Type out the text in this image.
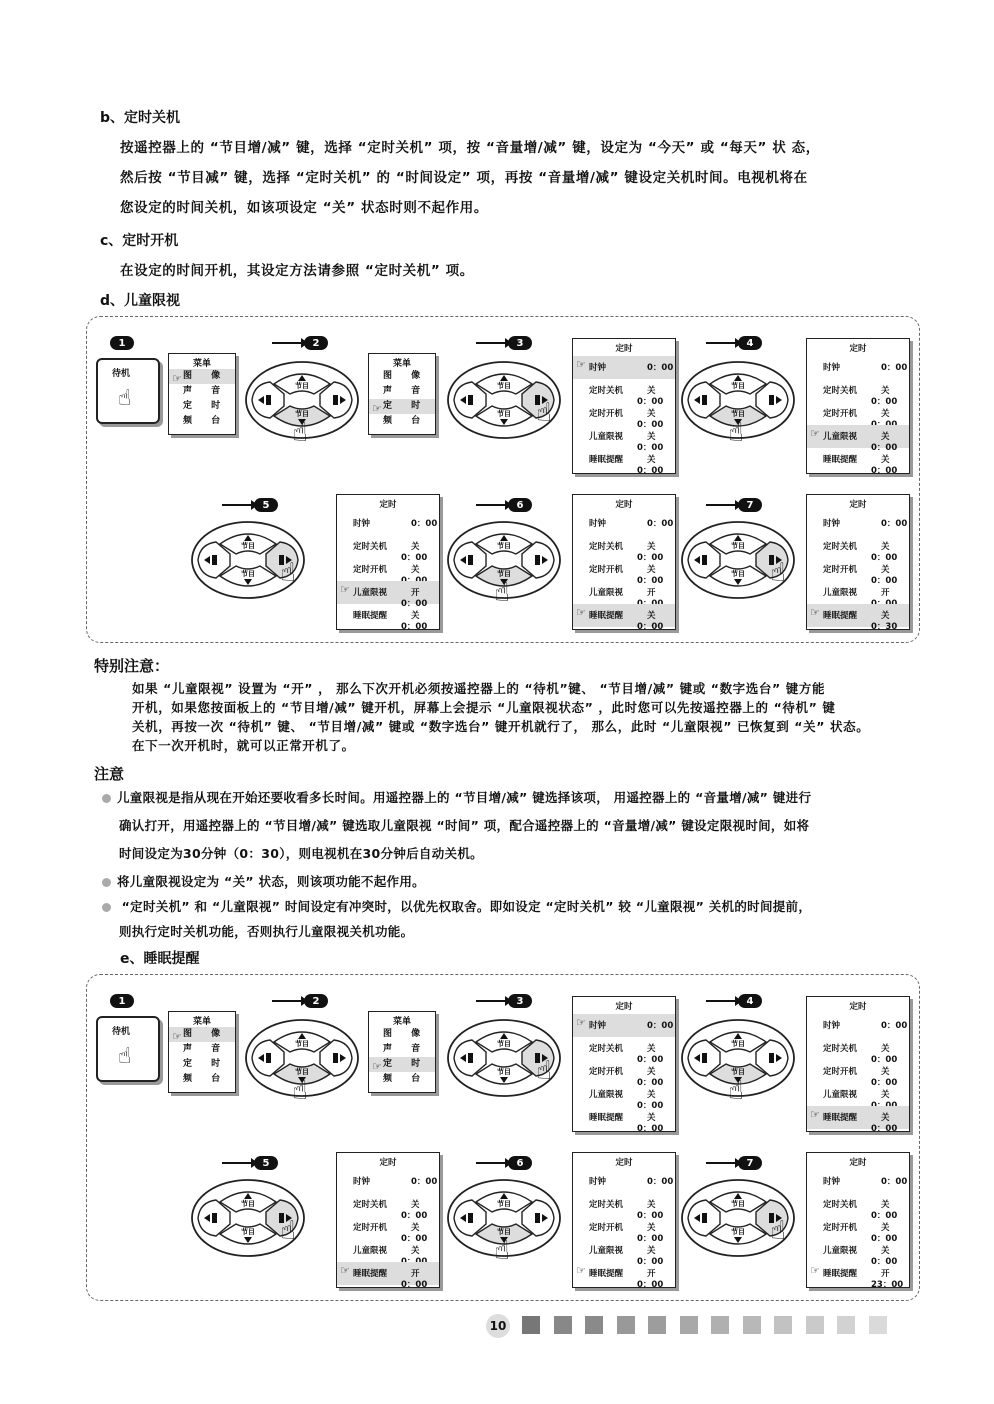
b、定时关机
按遥控器上的 “节目增/减” 键，选择 “定时关机” 项，按 “音量增/减” 键，设定为 “今天” 或 “每天” 状 态，
然后按 “节目减” 键，选择 “定时关机” 的 “时间设定” 项，再按 “音量增/减” 键设定关机时间。电视机将在
您设定的时间关机，如该项设定 “关” 状态时则不起作用。
c、定时开机
在设定的时间开机，其设定方法请参照 “定时关机” 项。
d、儿童限视
特别注意：
如果 “儿童限视” 设置为 “开” ， 那么下次开机必须按遥控器上的 “待机”键、 “节目增/减” 键或 “数字选台” 键方能
开机，如果您按面板上的 “节目增/减” 键开机，屏幕上会提示 “儿童限视状态” ，此时您可以先按遥控器上的 “待机” 键
关机，再按一次 “待机” 键、 “节目增/减” 键或 “数字选台” 键开机就行了， 那么，此时 “儿童限视” 已恢复到 “关” 状态。
在下一次开机时，就可以正常开机了。
注意
儿童限视是指从现在开始还要收看多长时间。用遥控器上的 “节目增/减” 键选择该项， 用遥控器上的 “音量增/减” 键进行
确认打开，用遥控器上的 “节目增/减” 键选取儿童限视 “时间” 项，配合遥控器上的 “音量增/减” 键设定限视时间，如将
时间设定为30分钟（0：30），则电视机在30分钟后自动关机。
将儿童限视设定为 “关” 状态，则该项功能不起作用。
“定时关机” 和 “儿童限视” 时间设定有冲突时，以优先权取舍。即如设定 “定时关机” 较 “儿童限视” 关机的时间提前，
则执行定时关机功能，否则执行儿童限视关机功能。
e、睡眠提醒
10
1
待机
☝
菜单
☞
图 像
声 音
定 时
频 台
2
节目
节目
☝
菜单
图 像
声 音
☞
定 时
频 台
3
节目
节目 ☝
定时
☞ 时钟	0：00
定时关机	关
0：00
定时开机	关
0：00
儿童限视	关
0：00
睡眠提醒	关
0：00
4
节目
节目
☝
定时
时钟	0：00
定时关机	关
0：00
定时开机	关
☞ 儿童限视	关
0：00
睡眠提醒	关
0：00
5
节目
节目 ☝
定时
时钟	0：00
定时关机	关
0：00
定时开机	关
☞ 儿童限视	开
0：00
睡眠提醒	关
0：00
6
节目
节目
☝
定时
时钟	0：00
定时关机	关
0：00
定时开机	关
0：00
儿童限视	开
☞ 睡眠提醒	关
0：00
7
节目
节目 ☝
定时
时钟	0：00
定时关机	关
0：00
定时开机	关
0：00
儿童限视	开
☞ 睡眠提醒	关
0：30
1
待机
☝
菜单
☞
图 像
声 音
定 时
频 台
2
节目
节目
☝
菜单
图 像
声 音
☞
定 时
频 台
3
节目
节目 ☝
定时
☞ 时钟	0：00
定时关机	关
0：00
定时开机	关
0：00
儿童限视	关
0：00
睡眠提醒	关
0：00
4
节目
节目
☝
定时
时钟	0：00
定时关机	关
0：00
定时开机	关
0：00
儿童限视	关
☞ 睡眠提醒	关
0：00
5
节目
节目 ☝
定时
时钟	0：00
定时关机	关
0：00
定时开机	关
0：00
儿童限视	关
☞ 睡眠提醒	开
0：00
6
节目
节目
☝
定时
时钟	0：00
定时关机	关
0：00
定时开机	关
0：00
儿童限视	关
0：00
☞ 睡眠提醒	开
0：00
7
节目
节目 ☝
定时
时钟	0：00
定时关机	关
0：00
定时开机	关
0：00
儿童限视	关
0：00
☞ 睡眠提醒	开
23：00
